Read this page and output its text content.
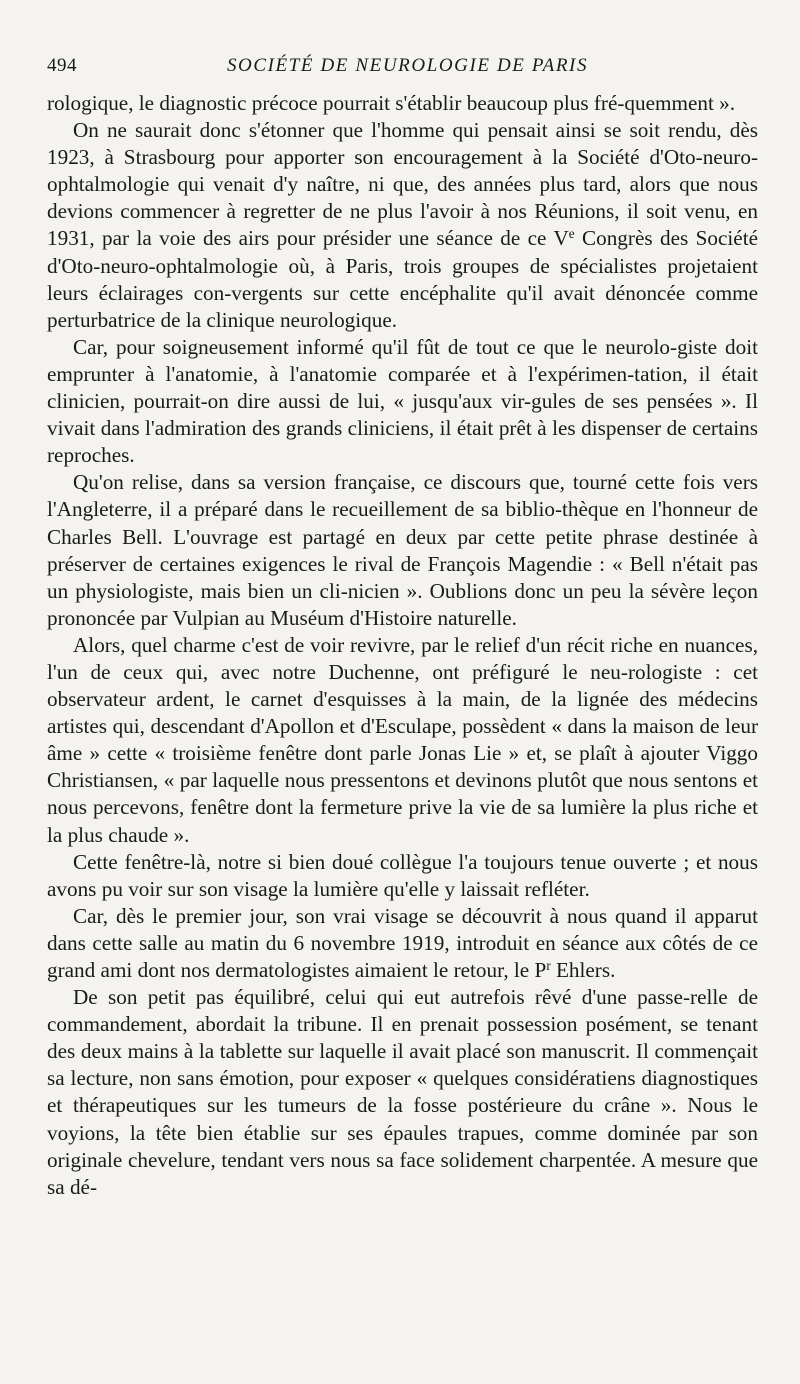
494	SOCIÉTÉ DE NEUROLOGIE DE PARIS

rologique, le diagnostic précoce pourrait s'établir beaucoup plus fré-quemment ».

On ne saurait donc s'étonner que l'homme qui pensait ainsi se soit rendu, dès 1923, à Strasbourg pour apporter son encouragement à la Société d'Oto-neuro-ophtalmologie qui venait d'y naître, ni que, des années plus tard, alors que nous devions commencer à regretter de ne plus l'avoir à nos Réunions, il soit venu, en 1931, par la voie des airs pour présider une séance de ce Ve Congrès des Société d'Oto-neuro-ophtalmologie où, à Paris, trois groupes de spécialistes projetaient leurs éclairages con-vergents sur cette encéphalite qu'il avait dénoncée comme perturbatrice de la clinique neurologique.

Car, pour soigneusement informé qu'il fût de tout ce que le neurolo-giste doit emprunter à l'anatomie, à l'anatomie comparée et à l'expérimen-tation, il était clinicien, pourrait-on dire aussi de lui, « jusqu'aux vir-gules de ses pensées ». Il vivait dans l'admiration des grands cliniciens, il était prêt à les dispenser de certains reproches.

Qu'on relise, dans sa version française, ce discours que, tourné cette fois vers l'Angleterre, il a préparé dans le recueillement de sa biblio-thèque en l'honneur de Charles Bell. L'ouvrage est partagé en deux par cette petite phrase destinée à préserver de certaines exigences le rival de François Magendie : « Bell n'était pas un physiologiste, mais bien un cli-nicien ». Oublions donc un peu la sévère leçon prononcée par Vulpian au Muséum d'Histoire naturelle.

Alors, quel charme c'est de voir revivre, par le relief d'un récit riche en nuances, l'un de ceux qui, avec notre Duchenne, ont préfiguré le neu-rologiste : cet observateur ardent, le carnet d'esquisses à la main, de la lignée des médecins artistes qui, descendant d'Apollon et d'Esculape, possèdent « dans la maison de leur âme » cette « troisième fenêtre dont parle Jonas Lie » et, se plaît à ajouter Viggo Christiansen, « par laquelle nous pressentons et devinons plutôt que nous sentons et nous percevons, fenêtre dont la fermeture prive la vie de sa lumière la plus riche et la plus chaude ».

Cette fenêtre-là, notre si bien doué collègue l'a toujours tenue ouverte ; et nous avons pu voir sur son visage la lumière qu'elle y laissait refléter.

Car, dès le premier jour, son vrai visage se découvrit à nous quand il apparut dans cette salle au matin du 6 novembre 1919, introduit en séance aux côtés de ce grand ami dont nos dermatologistes aimaient le retour, le $P^r$ Ehlers.

De son petit pas équilibré, celui qui eut autrefois rêvé d'une passe-relle de commandement, abordait la tribune. Il en prenait possession posément, se tenant des deux mains à la tablette sur laquelle il avait placé son manuscrit. Il commençait sa lecture, non sans émotion, pour exposer « quelques considératiens diagnostiques et thérapeutiques sur les tumeurs de la fosse postérieure du crâne ». Nous le voyions, la tête bien établie sur ses épaules trapues, comme dominée par son originale chevelure, tendant vers nous sa face solidement charpentée. A mesure que sa dé-
